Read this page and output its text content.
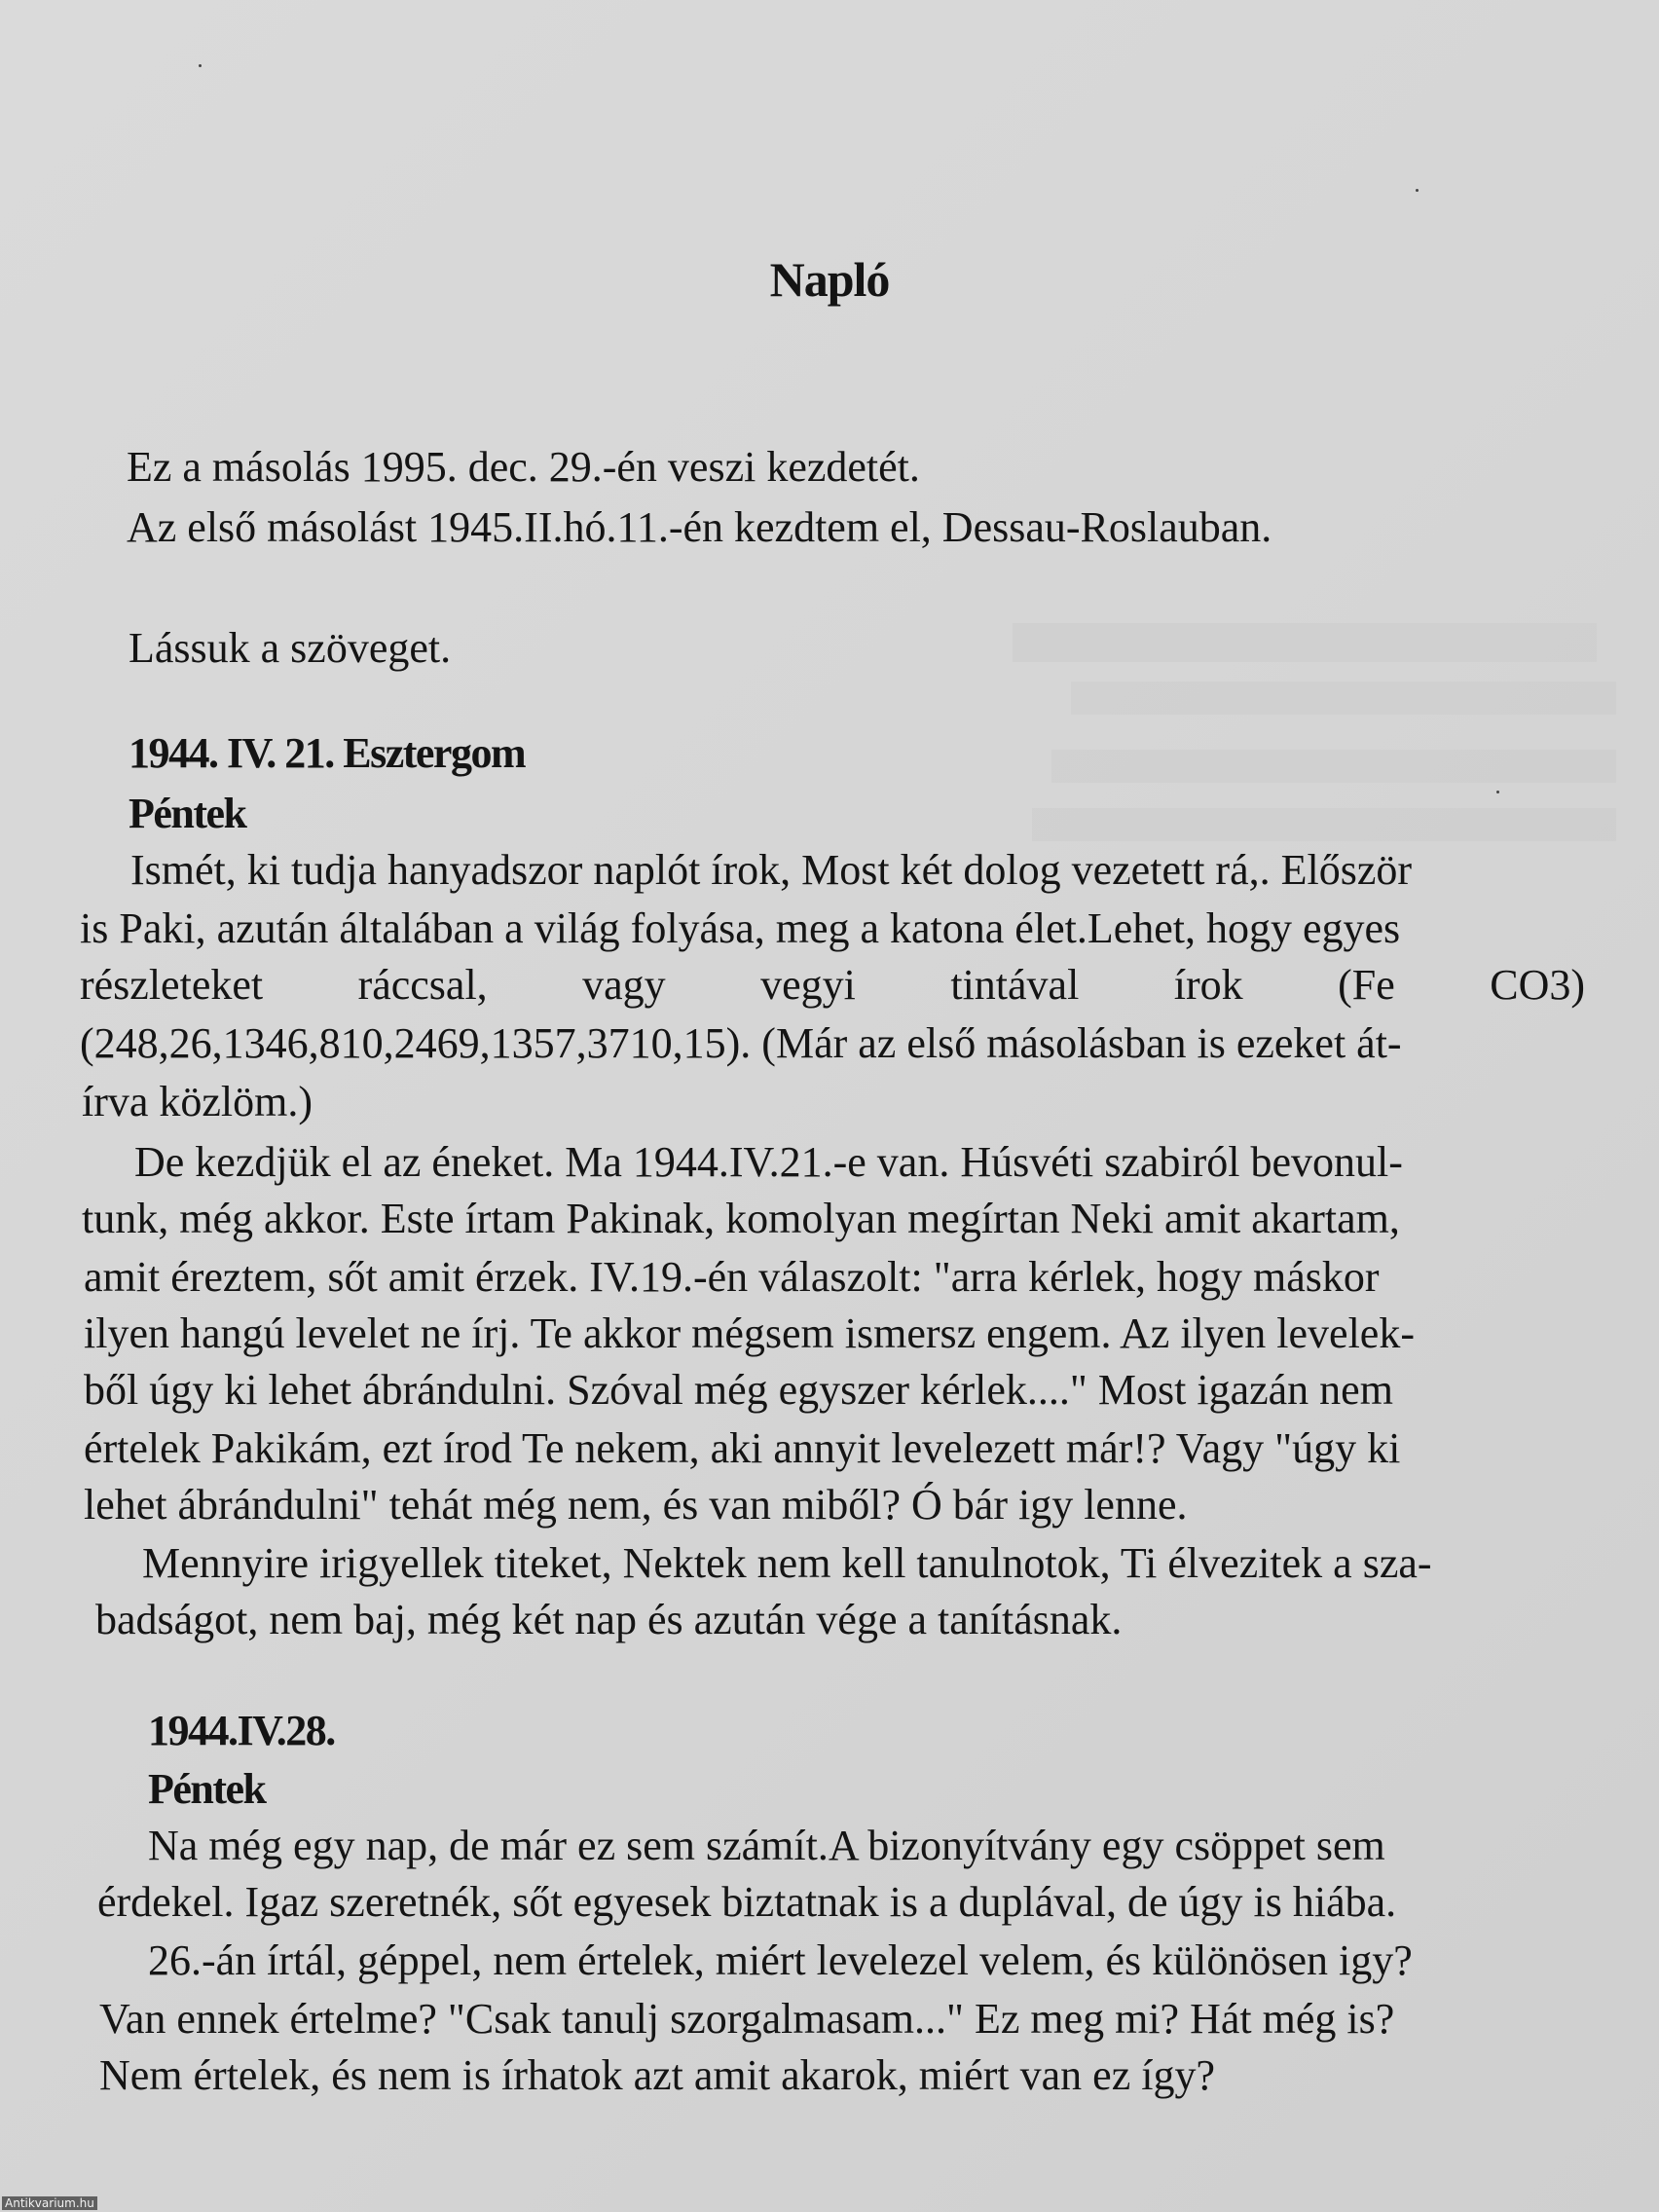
Napló
Ez a másolás 1995. dec. 29.-én veszi kezdetét.
Az első másolást 1945.II.hó.11.-én kezdtem el, Dessau-Roslauban.
Lássuk a szöveget.
1944. IV. 21. Esztergom
Péntek
Ismét, ki tudja hanyadszor naplót írok, Most két dolog vezetett rá,. Először
is Paki, azután általában a világ folyása, meg a katona élet.Lehet, hogy egyes
részleteket ráccsal, vagy vegyi tintával írok (Fe CO3)
(248,26,1346,810,2469,1357,3710,15). (Már az első másolásban is ezeket át-
írva közlöm.)
De kezdjük el az éneket. Ma 1944.IV.21.-e van. Húsvéti szabiról bevonul-
tunk, még akkor. Este írtam Pakinak, komolyan megírtan Neki amit akartam,
amit éreztem, sőt amit érzek. IV.19.-én válaszolt: "arra kérlek, hogy máskor
ilyen hangú levelet ne írj. Te akkor mégsem ismersz engem. Az ilyen levelek-
ből úgy ki lehet ábrándulni. Szóval még egyszer kérlek...." Most igazán nem
értelek Pakikám, ezt írod Te nekem, aki annyit levelezett már!? Vagy "úgy ki
lehet ábrándulni" tehát még nem, és van miből? Ó bár igy lenne.
Mennyire irigyellek titeket, Nektek nem kell tanulnotok, Ti élvezitek a sza-
badságot, nem baj, még két nap és azután vége a tanításnak.
1944.IV.28.
Péntek
Na még egy nap, de már ez sem számít.A bizonyítvány egy csöppet sem
érdekel. Igaz szeretnék, sőt egyesek biztatnak is a duplával, de úgy is hiába.
26.-án írtál, géppel, nem értelek, miért levelezel velem, és különösen igy?
Van ennek értelme? "Csak tanulj szorgalmasam..." Ez meg mi? Hát még is?
Nem értelek, és nem is írhatok azt amit akarok, miért van ez így?
Antikvarium.hu
